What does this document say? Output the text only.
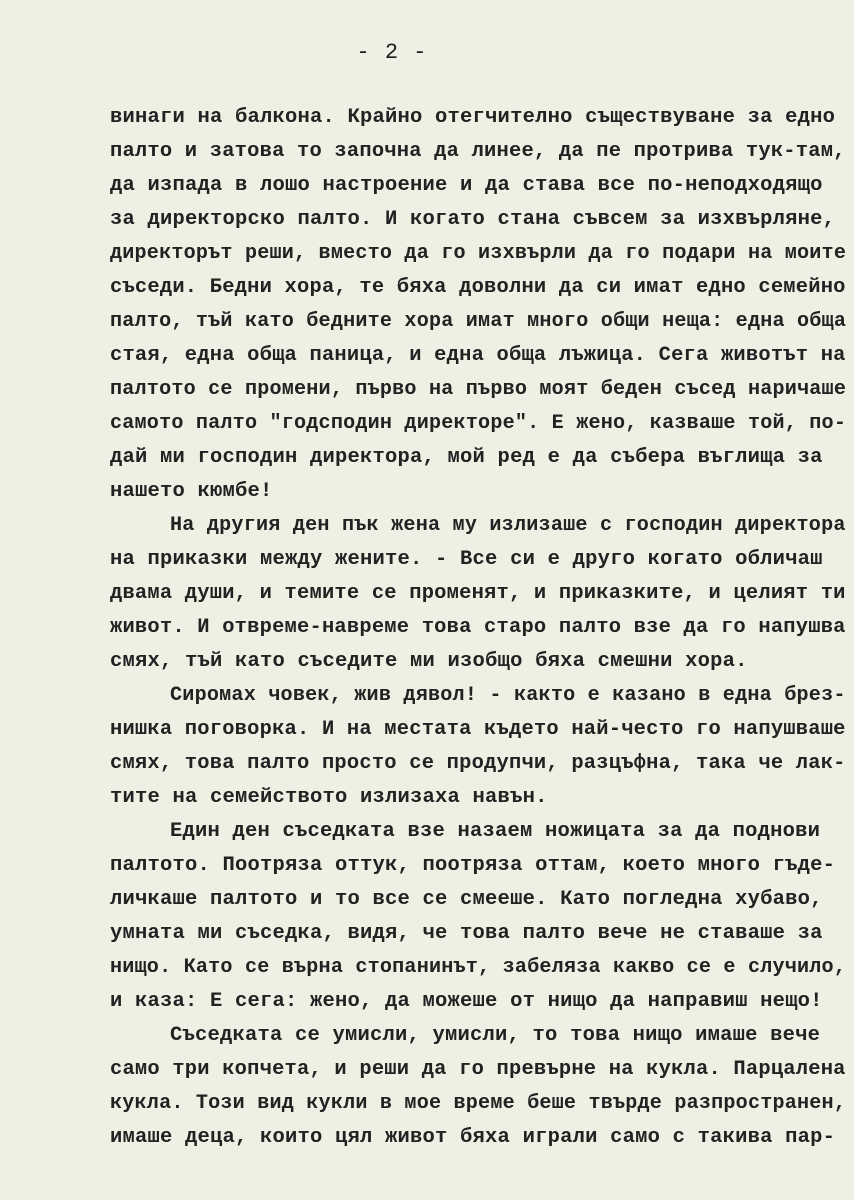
- 2 -
винаги на балкона. Крайно отегчително съществуване за едно
палто и затова то започна да линее, да пе протрива тук-там,
да изпада в лошо настроение и да става все по-неподходящо
за директорско палто. И когато стана съвсем за изхвърляне,
директорът реши, вместо да го изхвърли да го подари на моите
съседи. Бедни хора, те бяха доволни да си имат едно семейно
палто, тъй като бедните хора имат много общи неща: една обща
стая, една обща паница, и една обща лъжица. Сега животът на
палтото се промени, първо на първо моят беден съсед наричаше
самото палто "годсподин директоре". Е жено, казваше той, по-
дай ми господин директора, мой ред е да събера въглища за
нашето кюмбе!
На другия ден пък жена му излизаше с господин директора
на приказки между жените. - Все си е друго когато обличаш
двама души, и темите се променят, и приказките, и целият ти
живот. И отвреме-навреме това старо палто взе да го напушва
смях, тъй като съседите ми изобщо бяха смешни хора.
Сиромах човек, жив дявол! - както е казано в една брез-
нишка поговорка. И на местата където най-често го напушваше
смях, това палто просто се продупчи, разцъфна, така че лак-
тите на семейството излизаха навън.
Един ден съседката взе назаем ножицата за да поднови
палтото. Поотряза оттук, поотряза оттам, което много гъде-
личкаше палтото и то все се смееше. Като погледна хубаво,
умната ми съседка, видя, че това палто вече не ставаше за
нищо. Като се върна стопанинът, забеляза какво се е случило,
и каза: Е сега: жено, да можеше от нищо да направиш нещо!
Съседката се умисли, умисли, то това нищо имаше вече
само три копчета, и реши да го превърне на кукла. Парцалена
кукла. Този вид кукли в мое време беше твърде разпространен,
имаше деца, които цял живот бяха играли само с такива пар-
